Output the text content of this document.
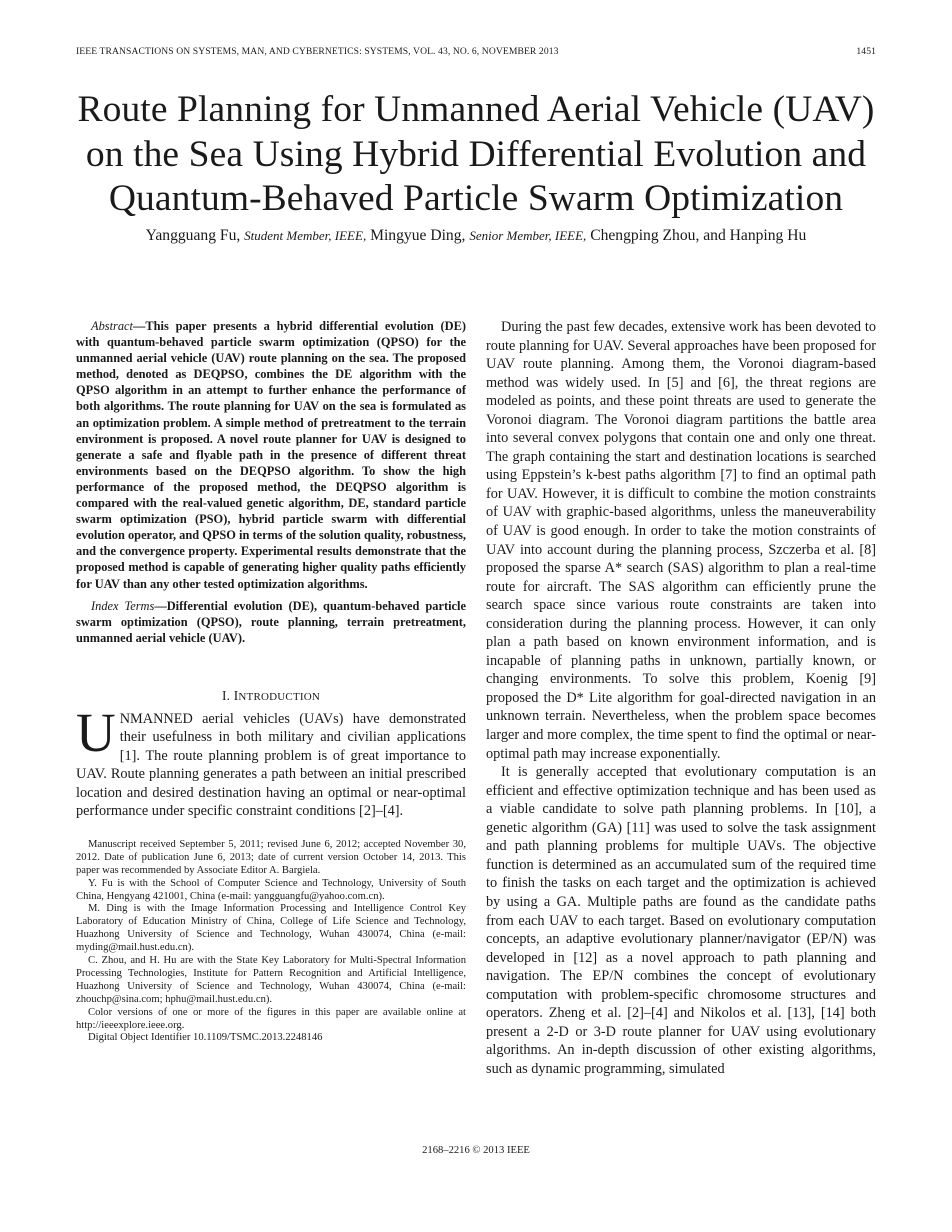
IEEE TRANSACTIONS ON SYSTEMS, MAN, AND CYBERNETICS: SYSTEMS, VOL. 43, NO. 6, NOVEMBER 2013	1451
Route Planning for Unmanned Aerial Vehicle (UAV)
on the Sea Using Hybrid Differential Evolution and
Quantum-Behaved Particle Swarm Optimization
Yangguang Fu, Student Member, IEEE, Mingyue Ding, Senior Member, IEEE, Chengping Zhou, and Hanping Hu

Abstract—This paper presents a hybrid differential evolution (DE) with quantum-behaved particle swarm optimization (QPSO) for the unmanned aerial vehicle (UAV) route planning on the sea. The proposed method, denoted as DEQPSO, combines the DE algorithm with the QPSO algorithm in an attempt to further enhance the performance of both algorithms. The route planning for UAV on the sea is formulated as an optimization problem. A simple method of pretreatment to the terrain environment is proposed. A novel route planner for UAV is designed to generate a safe and flyable path in the presence of different threat environments based on the DEQPSO algorithm. To show the high performance of the proposed method, the DEQPSO algorithm is compared with the real-valued genetic algorithm, DE, standard particle swarm optimization (PSO), hybrid particle swarm with differential evolution operator, and QPSO in terms of the solution quality, robustness, and the convergence property. Experimental results demonstrate that the proposed method is capable of generating higher quality paths efficiently for UAV than any other tested optimization algorithms.

Index Terms—Differential evolution (DE), quantum-behaved particle swarm optimization (QPSO), route planning, terrain pretreatment, unmanned aerial vehicle (UAV).

I. INTRODUCTION

UNMANNED aerial vehicles (UAVs) have demonstrated their usefulness in both military and civilian applications [1]. The route planning problem is of great importance to UAV. Route planning generates a path between an initial prescribed location and desired destination having an optimal or near-optimal performance under specific constraint conditions [2]–[4].

Manuscript received September 5, 2011; revised June 6, 2012; accepted November 30, 2012. Date of publication June 6, 2013; date of current version October 14, 2013. This paper was recommended by Associate Editor A. Bargiela.

Y. Fu is with the School of Computer Science and Technology, University of South China, Hengyang 421001, China (e-mail: yangguangfu@yahoo.com.cn).

M. Ding is with the Image Information Processing and Intelligence Control Key Laboratory of Education Ministry of China, College of Life Science and Technology, Huazhong University of Science and Technology, Wuhan 430074, China (e-mail: myding@mail.hust.edu.cn).

C. Zhou, and H. Hu are with the State Key Laboratory for Multi-Spectral Information Processing Technologies, Institute for Pattern Recognition and Artificial Intelligence, Huazhong University of Science and Technology, Wuhan 430074, China (e-mail: zhouchp@sina.com; hphu@mail.hust.edu.cn).

Color versions of one or more of the figures in this paper are available online at http://ieeexplore.ieee.org.

Digital Object Identifier 10.1109/TSMC.2013.2248146

During the past few decades, extensive work has been devoted to route planning for UAV. Several approaches have been proposed for UAV route planning. Among them, the Voronoi diagram-based method was widely used. In [5] and [6], the threat regions are modeled as points, and these point threats are used to generate the Voronoi diagram. The Voronoi diagram partitions the battle area into several convex polygons that contain one and only one threat. The graph containing the start and destination locations is searched using Eppstein’s k-best paths algorithm [7] to find an optimal path for UAV. However, it is difficult to combine the motion constraints of UAV with graphic-based algorithms, unless the maneuverability of UAV is good enough. In order to take the motion constraints of UAV into account during the planning process, Szczerba et al. [8] proposed the sparse A* search (SAS) algorithm to plan a real-time route for aircraft. The SAS algorithm can efficiently prune the search space since various route constraints are taken into consideration during the planning process. However, it can only plan a path based on known environment information, and is incapable of planning paths in unknown, partially known, or changing environments. To solve this problem, Koenig [9] proposed the D* Lite algorithm for goal-directed navigation in an unknown terrain. Nevertheless, when the problem space becomes larger and more complex, the time spent to find the optimal or near-optimal path may increase exponentially.

It is generally accepted that evolutionary computation is an efficient and effective optimization technique and has been used as a viable candidate to solve path planning problems. In [10], a genetic algorithm (GA) [11] was used to solve the task assignment and path planning problems for multiple UAVs. The objective function is determined as an accumulated sum of the required time to finish the tasks on each target and the optimization is achieved by using a GA. Multiple paths are found as the candidate paths from each UAV to each target. Based on evolutionary computation concepts, an adaptive evolutionary planner/navigator (EP/N) was developed in [12] as a novel approach to path planning and navigation. The EP/N combines the concept of evolutionary computation with problem-specific chromosome structures and operators. Zheng et al. [2]–[4] and Nikolos et al. [13], [14] both present a 2-D or 3-D route planner for UAV using evolutionary algorithms. An in-depth discussion of other existing algorithms, such as dynamic programming, simulated

2168–2216 © 2013 IEEE
